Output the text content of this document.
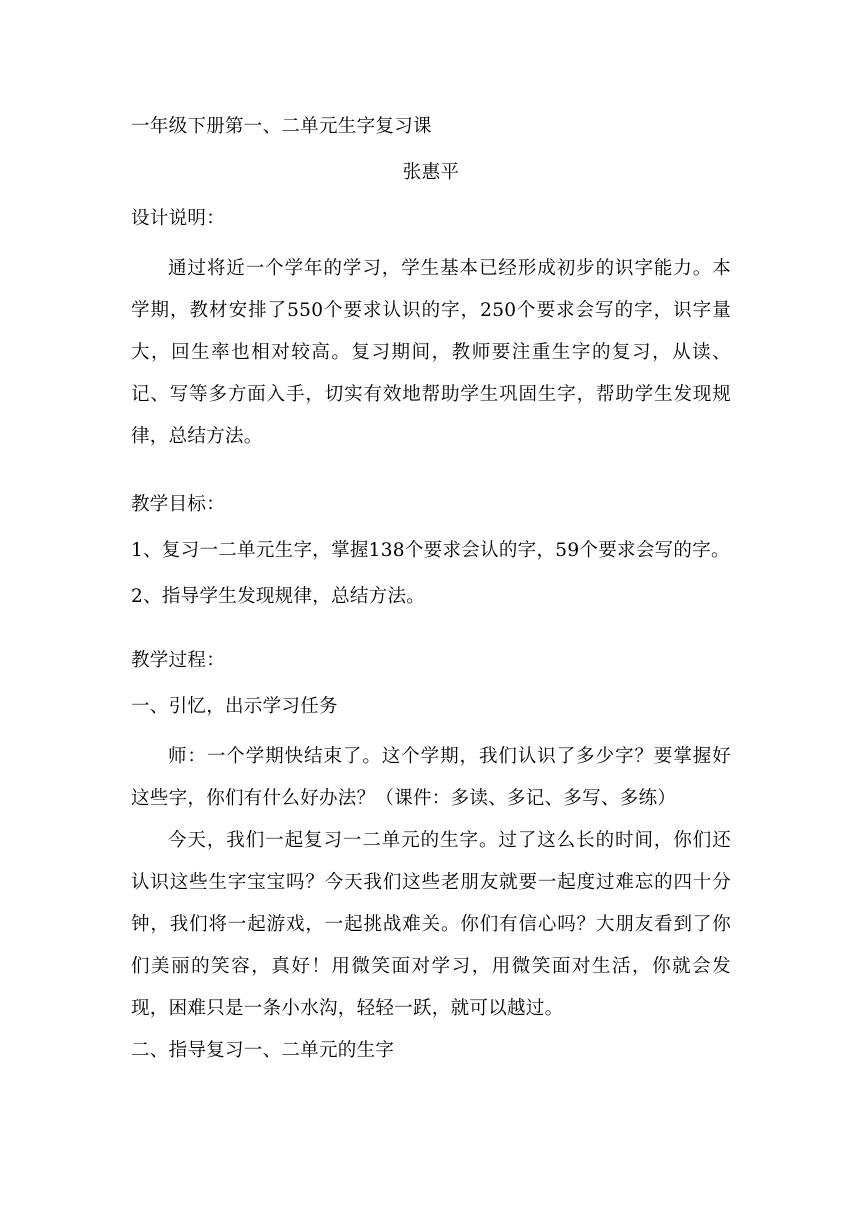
一年级下册第一、二单元生字复习课

张惠平

设计说明：

通过将近一个学年的学习，学生基本已经形成初步的识字能力。本学期，教材安排了550个要求认识的字，250个要求会写的字，识字量大，回生率也相对较高。复习期间，教师要注重生字的复习，从读、记、写等多方面入手，切实有效地帮助学生巩固生字，帮助学生发现规律，总结方法。

教学目标：

1、复习一二单元生字，掌握138个要求会认的字，59个要求会写的字。

2、指导学生发现规律，总结方法。

教学过程：

一、引忆，出示学习任务

师：一个学期快结束了。这个学期，我们认识了多少字？要掌握好这些字，你们有什么好办法？（课件：多读、多记、多写、多练）

今天，我们一起复习一二单元的生字。过了这么长的时间，你们还认识这些生字宝宝吗？今天我们这些老朋友就要一起度过难忘的四十分钟，我们将一起游戏，一起挑战难关。你们有信心吗？大朋友看到了你们美丽的笑容，真好！用微笑面对学习，用微笑面对生活，你就会发现，困难只是一条小水沟，轻轻一跃，就可以越过。

二、指导复习一、二单元的生字
